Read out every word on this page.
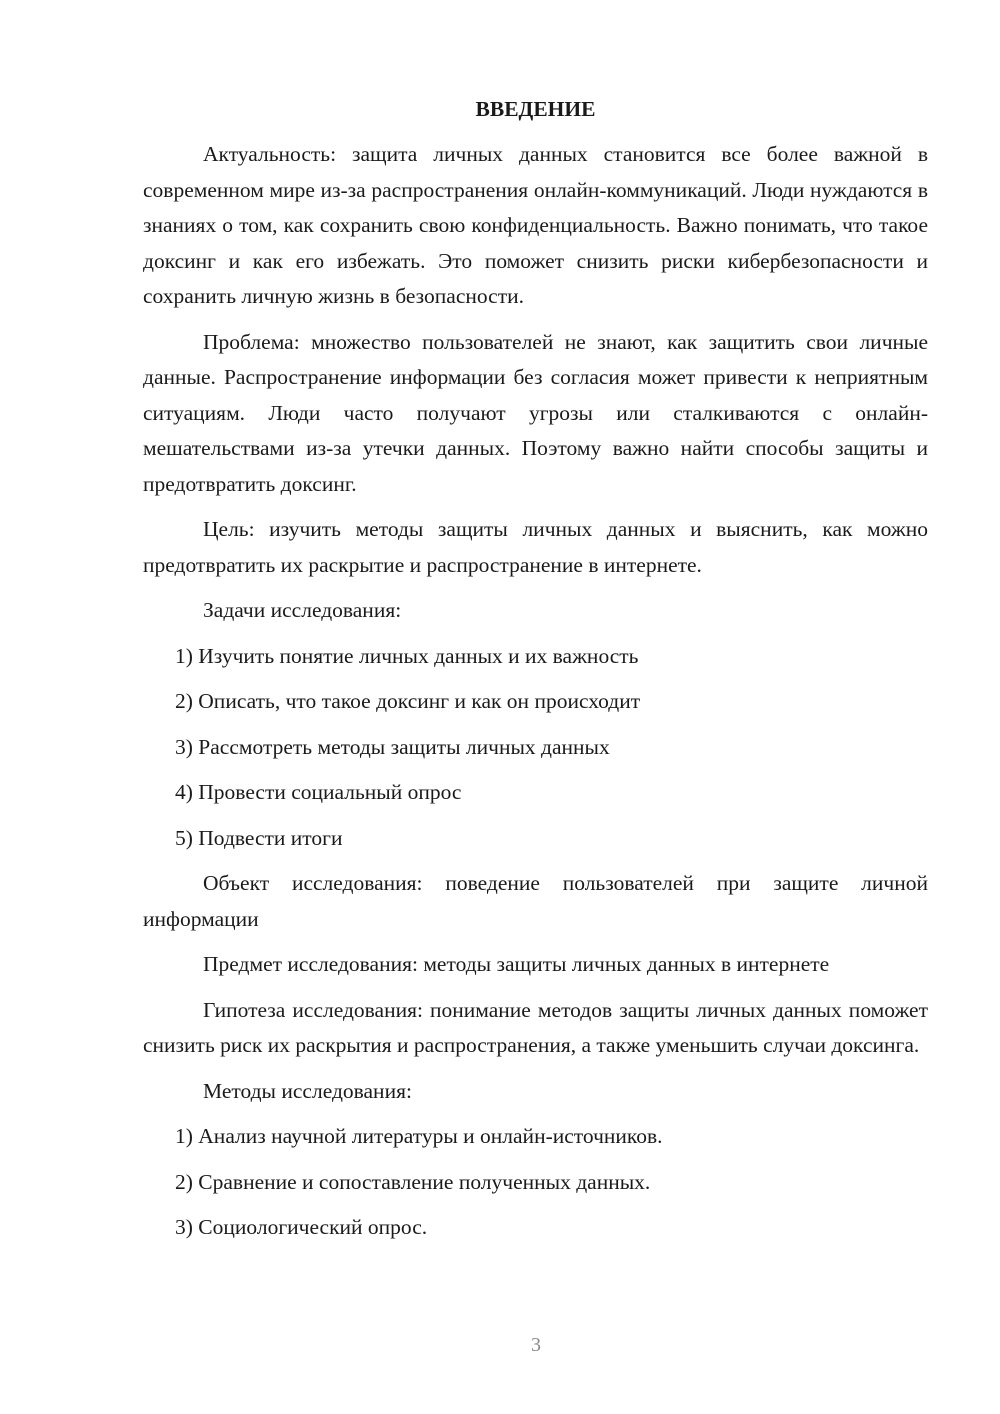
ВВЕДЕНИЕ

Актуальность: защита личных данных становится все более важной в современном мире из-за распространения онлайн-коммуникаций. Люди нуждаются в знаниях о том, как сохранить свою конфиденциальность. Важно понимать, что такое доксинг и как его избежать. Это поможет снизить риски кибербезопасности и сохранить личную жизнь в безопасности.

Проблема: множество пользователей не знают, как защитить свои личные данные. Распространение информации без согласия может привести к неприятным ситуациям. Люди часто получают угрозы или сталкиваются с онлайн-мешательствами из-за утечки данных. Поэтому важно найти способы защиты и предотвратить доксинг.

Цель: изучить методы защиты личных данных и выяснить, как можно предотвратить их раскрытие и распространение в интернете.

Задачи исследования:

1) Изучить понятие личных данных и их важность
2) Описать, что такое доксинг и как он происходит
3) Рассмотреть методы защиты личных данных
4) Провести социальный опрос
5) Подвести итоги

Объект исследования: поведение пользователей при защите личной информации

Предмет исследования: методы защиты личных данных в интернете

Гипотеза исследования: понимание методов защиты личных данных поможет снизить риск их раскрытия и распространения, а также уменьшить случаи доксинга.

Методы исследования:

1) Анализ научной литературы и онлайн-источников.
2) Сравнение и сопоставление полученных данных.
3) Социологический опрос.
3
